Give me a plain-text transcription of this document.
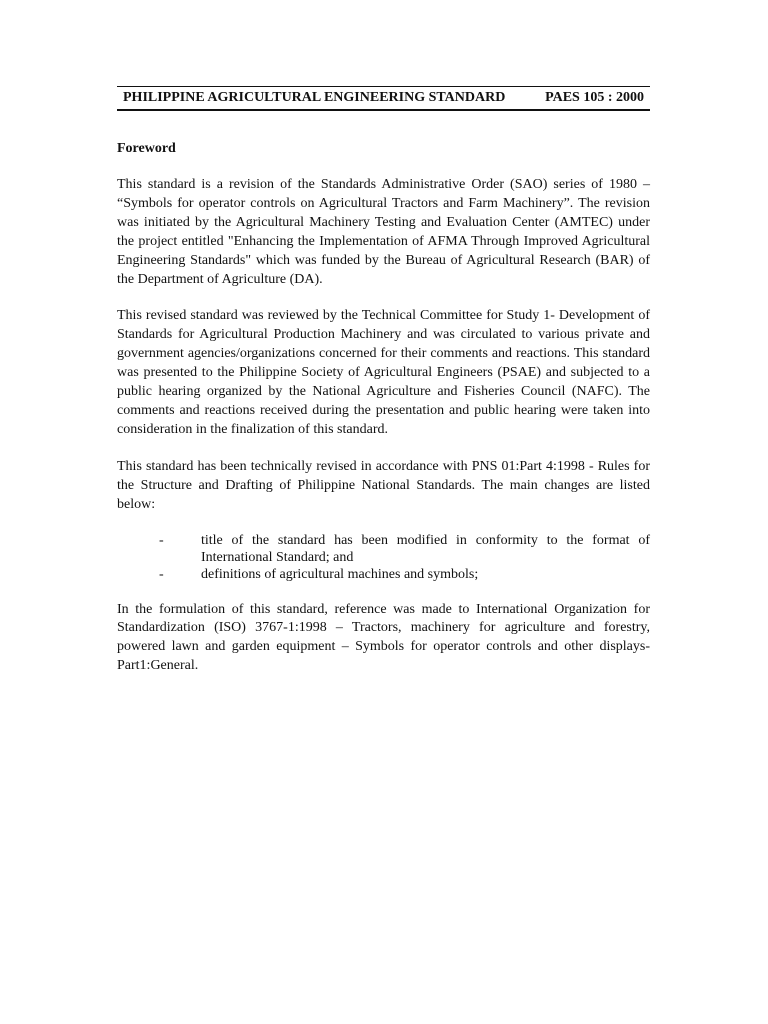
PHILIPPINE AGRICULTURAL ENGINEERING STANDARD	PAES 105 : 2000
Foreword

This standard is a revision of the Standards Administrative Order (SAO) series of 1980 – “Symbols for operator controls on Agricultural Tractors and Farm Machinery”. The revision was initiated by the Agricultural Machinery Testing and Evaluation Center (AMTEC) under the project entitled "Enhancing the Implementation of AFMA Through Improved Agricultural Engineering Standards" which was funded by the Bureau of Agricultural Research (BAR) of the Department of Agriculture (DA).

This revised standard was reviewed by the Technical Committee for Study 1- Development of Standards for Agricultural Production Machinery and was circulated to various private and government agencies/organizations concerned for their comments and reactions. This standard was presented to the Philippine Society of Agricultural Engineers (PSAE) and subjected to a public hearing organized by the National Agriculture and Fisheries Council (NAFC). The comments and reactions received during the presentation and public hearing were taken into consideration in the finalization of this standard.

This standard has been technically revised in accordance with PNS 01:Part 4:1998 - Rules for the Structure and Drafting of Philippine National Standards. The main changes are listed below:

-	title of the standard has been modified in conformity to the format of International Standard; and
-	definitions of agricultural machines and symbols;

In the formulation of this standard, reference was made to International Organization for Standardization (ISO) 3767-1:1998 – Tractors, machinery for agriculture and forestry, powered lawn and garden equipment – Symbols for operator controls and other displays-Part1:General.
